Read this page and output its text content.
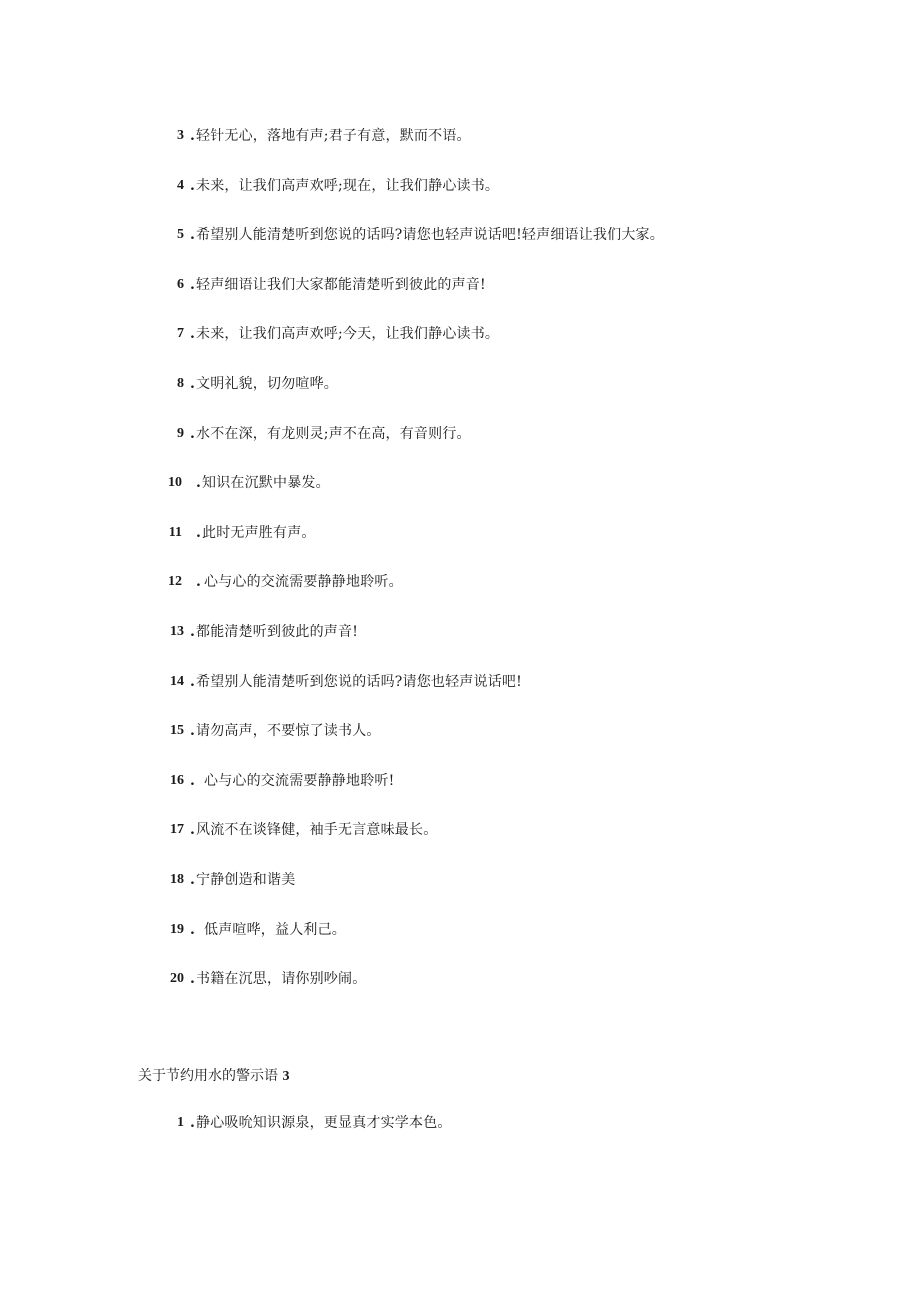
3 . 轻针无心，落地有声;君子有意，默而不语。
4 . 未来，让我们高声欢呼;现在，让我们静心读书。
5 . 希望别人能清楚听到您说的话吗?请您也轻声说话吧!轻声细语让我们大家。
6 . 轻声细语让我们大家都能清楚听到彼此的声音!
7 . 未来，让我们高声欢呼;今天，让我们静心读书。
8 . 文明礼貌，切勿喧哗。
9 . 水不在深，有龙则灵;声不在高，有音则行。
10 . 知识在沉默中暴发。
11 . 此时无声胜有声。
12 . 心与心的交流需要静静地聆听。
13 . 都能清楚听到彼此的声音!
14 . 希望别人能清楚听到您说的话吗?请您也轻声说话吧!
15 . 请勿高声，不要惊了读书人。
16 . 心与心的交流需要静静地聆听!
17 . 风流不在谈锋健，袖手无言意味最长。
18 . 宁静创造和谐美
19 . 低声喧哗，益人利己。
20 . 书籍在沉思，请你别吵闹。
关于节约用水的警示语 3
1 . 静心吸吮知识源泉，更显真才实学本色。
